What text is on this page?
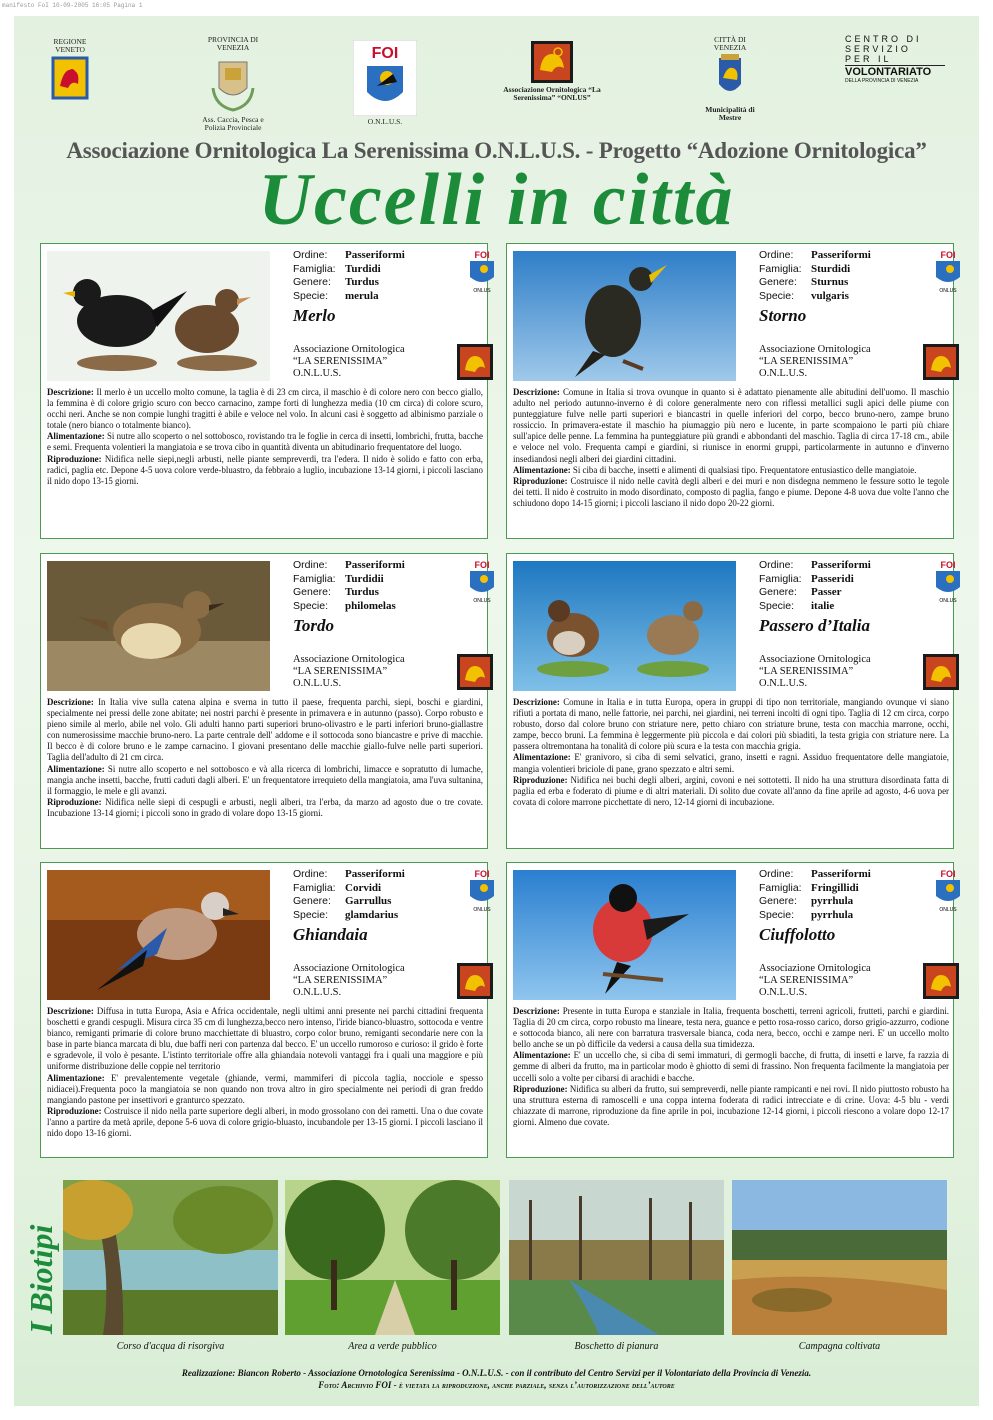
manifesto FoI 10-09-2005 16:05 Pagina 1
REGIONE VENETO
PROVINCIA DI VENEZIA
Ass. Caccia, Pesca e Polizia Provinciale
FOI
O.N.L.U.S.
Associazione Ornitologica “La Serenissima” “ONLUS”
CITTÀ DI VENEZIA
Municipalità di Mestre
CENTRO DI
SERVIZIO
PER IL
VOLONTARIATO
DELLA PROVINCIA DI VENEZIA
Associazione Ornitologica La Serenissima O.N.L.U.S. - Progetto “Adozione Ornitologica”
Uccelli in città
Ordine:	Passeriformi
Famiglia: Turdidi
Genere:	Turdus
Specie:	merula
FOI
ONLUS
Merlo
Associazione Ornitologica
“LA SERENISSIMA”
O.N.L.U.S.
Descrizione: Il merlo è un uccello molto comune, la taglia è di 23 cm circa, il maschio è di colore nero con becco giallo, la femmina è di colore grigio scuro con becco carnacino, zampe forti di lunghezza media (10 cm circa) di colore scuro, occhi neri. Anche se non compie lunghi tragitti è abile e veloce nel volo. In alcuni casi è soggetto ad albinismo parziale o totale (nero bianco o totalmente bianco).
Alimentazione: Si nutre allo scoperto o nel sottobosco, rovistando tra le foglie in cerca di insetti, lombrichi, frutta, bacche e semi. Frequenta volentieri la mangiatoia e se trova cibo in quantità diventa un abitudinario frequentatore del luogo.
Riproduzione: Nidifica nelle siepi,negli arbusti, nelle piante sempreverdi, tra l'edera. Il nido è solido e fatto con erba, radici, paglia etc. Depone 4-5 uova colore verde-bluastro, da febbraio a luglio, incubazione 13-14 giorni, i piccoli lasciano il nido dopo 13-15 giorni.
Ordine:	Passeriformi
Famiglia: Sturdidi
Genere:	Sturnus
Specie:	vulgaris
FOI
ONLUS
Storno
Associazione Ornitologica
“LA SERENISSIMA”
O.N.L.U.S.
Descrizione: Comune in Italia si trova ovunque in quanto si è adattato pienamente alle abitudini dell'uomo. Il maschio adulto nel periodo autunno-inverno è di colore generalmente nero con riflessi metallici sugli apici delle piume con punteggiature fulve nelle parti superiori e biancastri in quelle inferiori del corpo, becco bruno-nero, zampe bruno rossiccio. In primavera-estate il maschio ha piumaggio più nero e lucente, in parte scompaiono le parti più chiare sull'apice delle penne. La femmina ha punteggiature più grandi e abbondanti del maschio. Taglia di circa 17-18 cm., abile e veloce nel volo. Frequenta campi e giardini, si riunisce in enormi gruppi, particolarmente in autunno e d'inverno insediandosi negli alberi dei giardini cittadini.
Alimentazione: Si ciba di bacche, insetti e alimenti di qualsiasi tipo. Frequentatore entusiastico delle mangiatoie.
Riproduzione: Costruisce il nido nelle cavità degli alberi e dei muri e non disdegna nemmeno le fessure sotto le tegole dei tetti. Il nido è costruito in modo disordinato, composto di paglia, fango e piume. Depone 4-8 uova due volte l'anno che schiudono dopo 14-15 giorni; i piccoli lasciano il nido dopo 20-22 giorni.
Ordine:	Passeriformi
Famiglia: Turdidii
Genere:	Turdus
Specie:	philomelas
FOI
ONLUS
Tordo
Associazione Ornitologica
“LA SERENISSIMA”
O.N.L.U.S.
Descrizione: In Italia vive sulla catena alpina e sverna in tutto il paese, frequenta parchi, siepi, boschi e giardini, specialmente nei pressi delle zone abitate; nei nostri parchi è presente in primavera e in autunno (passo). Corpo robusto e pieno simile al merlo, abile nel volo. Gli adulti hanno parti superiori bruno-olivastro e le parti inferiori bruno-giallastre con numerosissime macchie bruno-nero. La parte centrale dell' addome e il sottocoda sono biancastre e prive di macchie. Il becco è di colore bruno e le zampe carnacino. I giovani presentano delle macchie giallo-fulve nelle parti superiori. Taglia dell'adulto di 21 cm circa.
Alimentazione: Si nutre allo scoperto e nel sottobosco e và alla ricerca di lombrichi, limacce e sopratutto di lumache, mangia anche insetti, bacche, frutti caduti dagli alberi. E' un frequentatore irrequieto della mangiatoia, ama l'uva sultanina, il formaggio, le mele e gli avanzi.
Riproduzione: Nidifica nelle siepi di cespugli e arbusti, negli alberi, tra l'erba, da marzo ad agosto due o tre covate. Incubazione 13-14 giorni; i piccoli sono in grado di volare dopo 13-15 giorni.
Ordine:	Passeriformi
Famiglia: Passeridi
Genere:	Passer
Specie:	italie
FOI
ONLUS
Passero d’Italia
Associazione Ornitologica
“LA SERENISSIMA”
O.N.L.U.S.
Descrizione: Comune in Italia e in tutta Europa, opera in gruppi di tipo non territoriale, mangiando ovunque vi siano rifiuti a portata di mano, nelle fattorie, nei parchi, nei giardini, nei terreni incolti di ogni tipo. Taglia di 12 cm circa, corpo robusto, dorso dal colore bruno con striature nere, petto chiaro con striature brune, testa con macchia marrone, occhi, zampe, becco bruni. La femmina è leggermente più piccola e dai colori più sbiaditi, la testa grigia con striature nere. La passera oltremontana ha tonalità di colore più scura e la testa con macchia grigia.
Alimentazione: E' granivoro, si ciba di semi selvatici, grano, insetti e ragni. Assiduo frequentatore delle mangiatoie, mangia volentieri briciole di pane, grano spezzato e altri semi.
Riproduzione: Nidifica nei buchi degli alberi, argini, covoni e nei sottotetti. Il nido ha una struttura disordinata fatta di paglia ed erba e foderato di piume e di altri materiali. Di solito due covate all'anno da fine aprile ad agosto, 4-6 uova per covata di colore marrone picchettate di nero, 12-14 giorni di incubazione.
Ordine:	Passeriformi
Famiglia: Corvidi
Genere:	Garrullus
Specie:	glamdarius
FOI
ONLUS
Ghiandaia
Associazione Ornitologica
“LA SERENISSIMA”
O.N.L.U.S.
Descrizione: Diffusa in tutta Europa, Asia e Africa occidentale, negli ultimi anni presente nei parchi cittadini frequenta boschetti e grandi cespugli. Misura circa 35 cm di lunghezza,becco nero intenso, l'iride bianco-bluastro, sottocoda e ventre bianco, remiganti primarie di colore bruno macchiettate di bluastro, corpo color bruno, remiganti secondarie nere con la base in parte bianca marcata di blu, due baffi neri con partenza dal becco. E' un uccello rumoroso e curioso: il grido è forte e sgradevole, il volo è pesante. L'istinto territoriale offre alla ghiandaia notevoli vantaggi fra i quali una maggiore e più uniforme distribuzione delle coppie nel territorio
Alimentazione: E' prevalentemente vegetale (ghiande, vermi, mammiferi di piccola taglia, nocciole e spesso nidiacei).Frequenta poco la mangiatoia se non quando non trova altro in giro specialmente nei periodi di gran freddo mangiando pastone per insettivori e granturco spezzato.
Riproduzione: Costruisce il nido nella parte superiore degli alberi, in modo grossolano con dei rametti. Una o due covate l'anno a partire da metà aprile, depone 5-6 uova di colore grigio-bluasto, incubandole per 13-15 giorni. I piccoli lasciano il nido dopo 13-16 giorni.
Ordine:	Passeriformi
Famiglia: Fringillidi
Genere:	pyrrhula
Specie:	pyrrhula
FOI
ONLUS
Ciuffolotto
Associazione Ornitologica
“LA SERENISSIMA”
O.N.L.U.S.
Descrizione: Presente in tutta Europa e stanziale in Italia, frequenta boschetti, terreni agricoli, frutteti, parchi e giardini. Taglia di 20 cm circa, corpo robusto ma lineare, testa nera, guance e petto rosa-rosso carico, dorso grigio-azzurro, codione e sottocoda bianco, ali nere con barratura trasversale bianca, coda nera, becco, occhi e zampe neri. E' un uccello molto bello anche se un pò difficile da vedersi a causa della sua timidezza.
Alimentazione: E' un uccello che, si ciba di semi immaturi, di germogli bacche, di frutta, di insetti e larve, fa razzia di gemme di alberi da frutto, ma in particolar modo è ghiotto di semi di frassino. Non frequenta facilmente la mangiatoia per uccelli solo a volte per cibarsi di arachidi e bacche.
Riproduzione: Nidifica su alberi da frutto, sui sempreverdi, nelle piante rampicanti e nei rovi. Il nido piuttosto robusto ha una struttura esterna di ramoscelli e una coppa interna foderata di radici intrecciate e di crine. Uova: 4-5 blu - verdi chiazzate di marrone, riproduzione da fine aprile in poi, incubazione 12-14 giorni, i piccoli riescono a volare dopo 12-17 giorni. Almeno due covate.
I Biotipi
Corso d'acqua di risorgiva	Area a verde pubblico	Boschetto di pianura	Campagna coltivata
Realizzazione: Biancon Roberto - Associazione Ornotologica Serenissima - O.N.L.U.S. - con il contributo del Centro Servizi per il Volontariato della Provincia di Venezia.
Foto: Archivio FOI - è vietata la riproduzione, anche parziale, senza l’autorizzazione dell’autore
